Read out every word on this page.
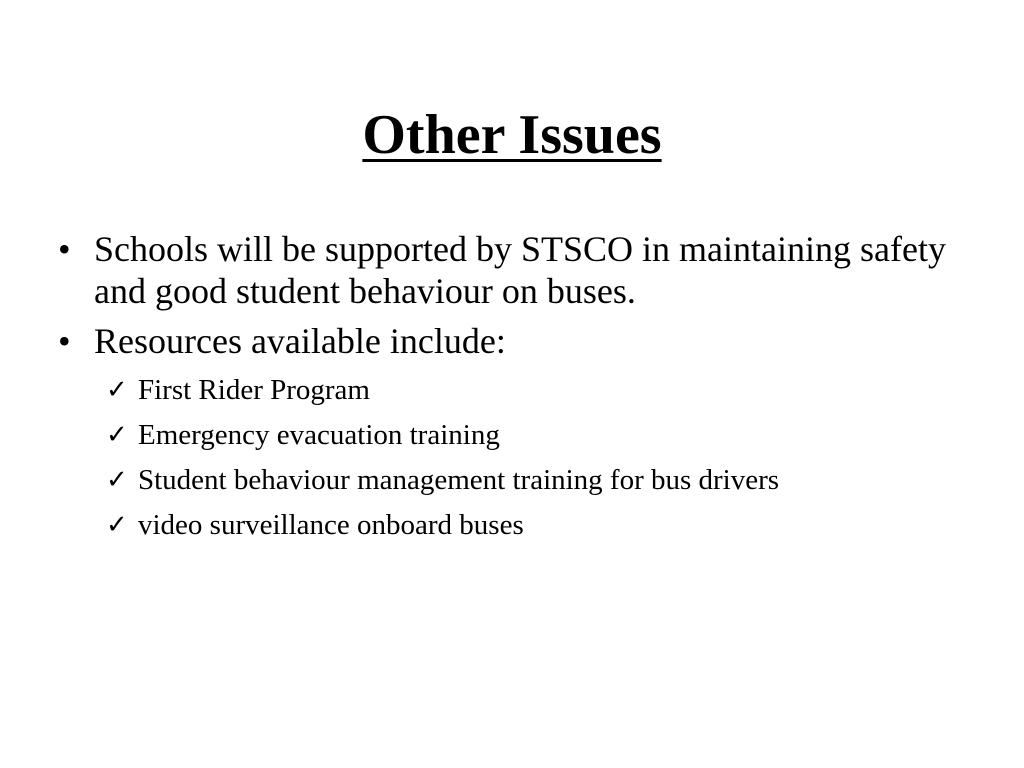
Other Issues
• Schools will be supported by STSCO in maintaining safety and good student behaviour on buses.
• Resources available include:
✓ First Rider Program
✓ Emergency evacuation training
✓ Student behaviour management training for bus drivers
✓ video surveillance onboard buses
